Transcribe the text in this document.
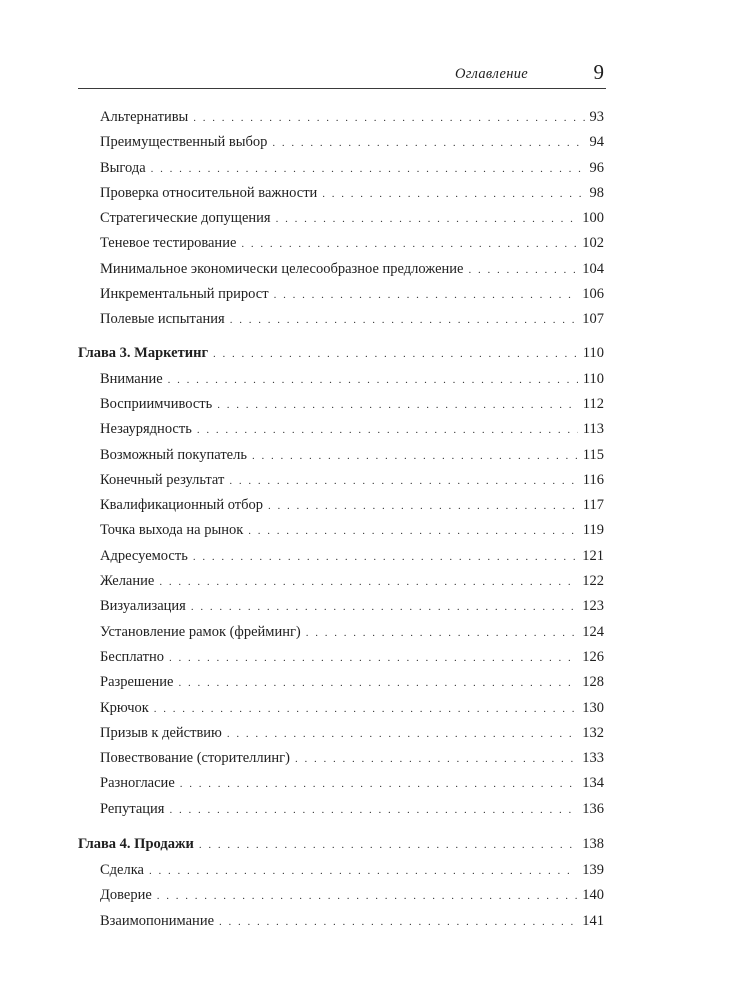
Оглавление	9
Альтернативы . . .	93
Преимущественный выбор . . .	94
Выгода . . .	96
Проверка относительной важности . . .	98
Стратегические допущения . . .	100
Теневое тестирование . . .	102
Минимальное экономически целесообразное предложение . . .	104
Инкрементальный прирост . . .	106
Полевые испытания . . .	107
Глава 3. Маркетинг . . .	110
Внимание . . .	110
Восприимчивость . . .	112
Незаурядность . . .	113
Возможный покупатель . . .	115
Конечный результат . . .	116
Квалификационный отбор . . .	117
Точка выхода на рынок . . .	119
Адресуемость . . .	121
Желание . . .	122
Визуализация . . .	123
Установление рамок (фрейминг) . . .	124
Бесплатно . . .	126
Разрешение . . .	128
Крючок . . .	130
Призыв к действию . . .	132
Повествование (сторителлинг) . . .	133
Разногласие . . .	134
Репутация . . .	136
Глава 4. Продажи . . .	138
Сделка . . .	139
Доверие . . .	140
Взаимопонимание . . .	141
